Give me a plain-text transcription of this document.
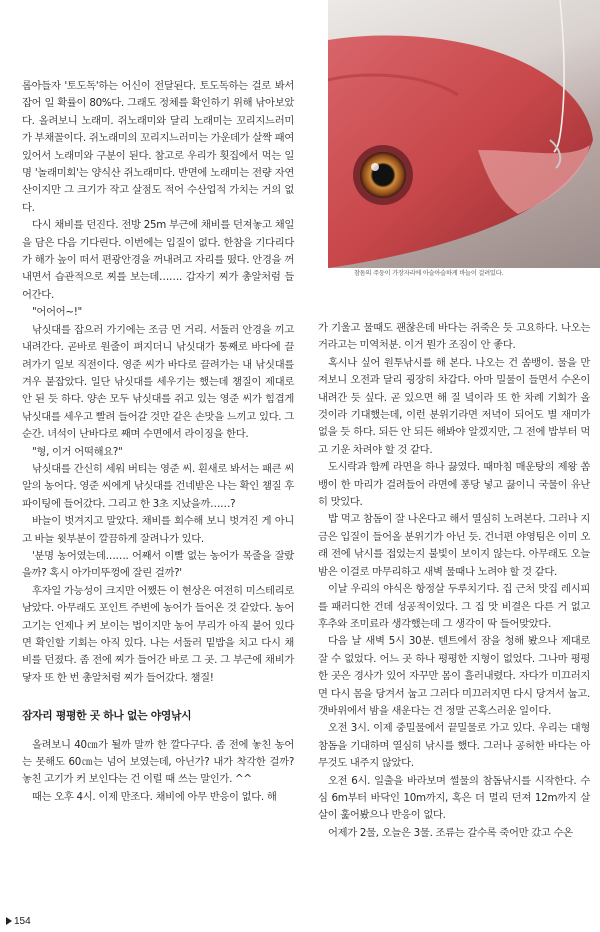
참돔의 주둥이 가장자리에 아슬아슬하게 바늘이 걸려있다.

롭아들자 '토도독'하는 어신이 전달된다. 토도독하는 걸로 봐서 잡어 일 확률이 80%다. 그래도 정체를 확인하기 위해 낚아보았다. 올려보니 노래미. 쥐노래미와 달리 노래미는 꼬리지느러미가 부채꼴이다. 쥐노래미의 꼬리지느러미는 가운데가 살짝 패여있어서 노래미와 구분이 된다. 참고로 우리가 횟집에서 먹는 일명 '놀래미회'는 양식산 쥐노래미다. 반면에 노래미는 전량 자연산이지만 그 크기가 작고 살점도 적어 수산업적 가치는 거의 없다.

다시 채비를 던진다. 전방 25m 부근에 채비를 던져놓고 채일을 담은 다음 기다린다. 이번에는 입질이 없다. 한참을 기다리다가 해가 높이 떠서 편광안경을 꺼내려고 자리를 떴다. 안경을 꺼내면서 습관적으로 찌를 보는데……. 갑자기 찌가 총알처럼 들어간다.

"어어어~!"

낚싯대를 잡으러 가기에는 조금 먼 거리. 서둘러 안경을 끼고 내려간다. 곧바로 원줄이 펴지더니 낚싯대가 통째로 바다에 끌려가기 일보 직전이다. 영준 씨가 바다로 끌려가는 내 낚싯대를 겨우 붙잡았다. 일단 낚싯대를 세우기는 했는데 챔질이 제대로 안 된 듯 하다. 양손 모두 낚싯대를 쥐고 있는 영준 씨가 힘겹게 낚싯대를 세우고 빨려 들어갈 것만 같은 손맛을 느끼고 있다. 그 순간. 녀석이 난바다로 째며 수면에서 라이징을 한다.

"형, 이거 어떡해요?"

낚싯대를 간신히 세워 버티는 영준 씨. 흰새로 봐서는 패큰 씨알의 농어다. 영준 씨에게 낚싯대를 건네받은 나는 확인 챔질 후 파이팅에 들어갔다. 그리고 한 3초 지났을까……?

바늘이 벗겨지고 말았다. 채비를 회수해 보니 벗겨진 게 아니고 바늘 윗부분이 깔끔하게 잘려나가 있다.

'분명 농어였는데……. 어째서 이빨 없는 농어가 목줄을 잘랐을까? 혹시 아가미뚜껑에 잘린 걸까?'

후자일 가능성이 크지만 어쨌든 이 현상은 여전히 미스테리로 남았다. 아무래도 포인트 주변에 농어가 들어온 것 같았다. 농어 고기는 언제나 커 보이는 법이지만 농어 무리가 아직 붙어 있다면 확인할 기회는 아직 있다. 나는 서둘러 밑밥을 치고 다시 채비를 던졌다. 좀 전에 찌가 들어간 바로 그 곳. 그 부근에 채비가 닿자 또 한 번 총알처럼 찌가 들어갔다. 챔질!

잠자리 평평한 곳 하나 없는 야영낚시

올려보니 40㎝가 될까 말까 한 깔다구다. 좀 전에 놓친 농어는 못해도 60㎝는 넘어 보였는데, 아닌가? 내가 착각한 걸까? 놓친 고기가 커 보인다는 건 이럴 때 쓰는 말인가. ^^

때는 오후 4시. 이제 만조다. 채비에 아무 반응이 없다. 해

가 기울고 물때도 괜찮은데 바다는 쥐죽은 듯 고요하다. 나오는 거라고는 미역처분. 이거 뭔가 조짐이 안 좋다.

혹시나 싶어 원투낚시를 해 본다. 나오는 건 쏨뱅이. 물을 만져보니 오전과 달리 굉장히 차갑다. 아마 밀물이 들면서 수온이 내려간 듯 싶다. 곧 있으면 해 질 녘이라 또 한 차례 기회가 올 것이라 기대했는데, 이런 분위기라면 저녁이 되어도 별 재미가 없을 듯 하다. 되든 안 되든 해봐야 알겠지만, 그 전에 밥부터 먹고 기운 차려야 할 것 같다.

도시락과 함께 라면을 하나 끓였다. 때마침 매운탕의 제왕 쏨뱅이 한 마리가 걸려들어 라면에 퐁당 넣고 끓이니 국물이 유난히 맛있다.

밥 먹고 참돔이 잘 나온다고 해서 열심히 노려본다. 그러나 지금은 입질이 들어올 분위기가 아닌 듯. 건너편 야영팀은 이미 오래 전에 낚시를 접었는지 불빛이 보이지 않는다. 아무래도 오늘 밤은 이걸로 마무리하고 새벽 물때나 노려야 할 것 같다.

이날 우리의 야식은 항정살 두루치기다. 집 근처 맛집 레시피를 패러디한 건데 성공적이었다. 그 집 맛 비결은 다른 거 없고 후추와 조미료라 생각했는데 그 생각이 딱 들어맞았다.

다음 날 새벽 5시 30분. 텐트에서 잠을 청해 봤으나 제대로 잘 수 없었다. 어느 곳 하나 평평한 지형이 없었다. 그나마 평평한 곳은 경사가 있어 자꾸만 몸이 흘러내렸다. 자다가 미끄러지면 다시 몸을 당겨서 눕고 그러다 미끄러지면 다시 당겨서 눕고. 갯바위에서 밤을 새운다는 건 정말 곤혹스러운 일이다.

오전 3시. 이제 중밀물에서 끝밀물로 가고 있다. 우리는 대형 참돔을 기대하며 열심히 낚시를 했다. 그러나 공허한 바다는 아무것도 내주지 않았다.

오전 6시. 일출을 바라보며 썰물의 참돔낚시를 시작한다. 수심 6m부터 바닥인 10m까지, 혹은 더 멀리 던져 12m까지 살살이 훑어봤으나 반응이 없다.

어제가 2물, 오늘은 3물. 조류는 갈수록 죽어만 갔고 수온

154
